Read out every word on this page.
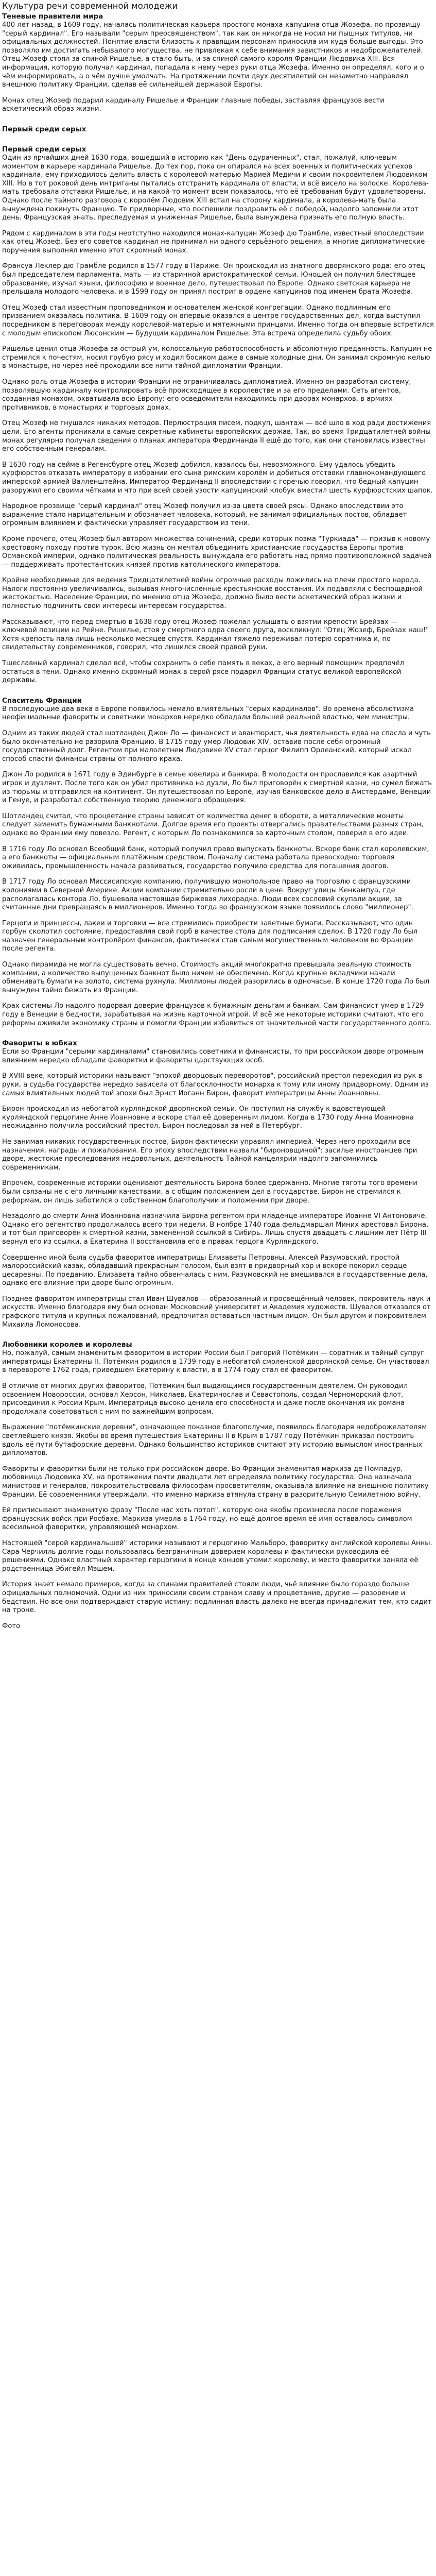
Культура речи современной молодежи
Теневые правители мира

400 лет назад, в 1609 году, началась политическая карьера простого монаха-капуцина отца Жозефа, по прозвищу "серый кардинал". Его называли "серым преосвященством", так как он никогда не носил ни пышных титулов, ни официальных должностей. Понятие власти близость к правящим персонам приносила им куда больше выгоды. Это позволяло им достигать небывалого могущества, не привлекая к себе внимания завистников и недоброжелателей. Отец Жозеф стоял за спиной Ришелье, а стало быть, и за спиной самого короля Франции Людовика XIII. Вся информация, которую получал кардинал, попадала к нему через руки отца Жозефа. Именно он определял, кого и о чём информировать, а о чём лучше умолчать. На протяжении почти двух десятилетий он незаметно направлял внешнюю политику Франции, сделав её сильнейшей державой Европы.

Монах отец Жозеф подарил кардиналу Ришелье и Франции главные победы, заставляя французов вести аскетический образ жизни.

Первый среди серых
Первый среди серых

Один из ярчайших дней 1630 года, вошедший в историю как "День одураченных", стал, пожалуй, ключевым моментом в карьере кардинала Ришелье. До тех пор, пока он опирался на всех военных и политических успехов кардинала, ему приходилось делить власть с королевой-матерью Марией Медичи и своим покровителем Людовиком XIII. Но в тот роковой день интриганы пытались отстранить кардинала от власти, и всё висело на волоске. Королева-мать требовала отставки Ришелье, и на какой-то момент всем показалось, что её требования будут удовлетворены. Однако после тайного разговора с королём Людовик XIII встал на сторону кардинала, а королева-мать была вынуждена покинуть Францию. Те придворные, что поспешили поздравить её с победой, надолго запомнили этот день. Французская знать, преследуемая и униженная Ришелье, была вынуждена признать его полную власть.

Рядом с кардиналом в эти годы неотступно находился монах-капуцин Жозеф дю Трамбле, известный впоследствии как отец Жозеф. Без его советов кардинал не принимал ни одного серьёзного решения, а многие дипломатические поручения выполнял именно этот скромный монах.

Франсуа Леклер дю Трамбле родился в 1577 году в Париже. Он происходил из знатного дворянского рода: его отец был председателем парламента, мать — из старинной аристократической семьи. Юношей он получил блестящее образование, изучал языки, философию и военное дело, путешествовал по Европе. Однако светская карьера не прельщала молодого человека, и в 1599 году он принял постриг в ордене капуцинов под именем брата Жозефа.

Отец Жозеф стал известным проповедником и основателем женской конгрегации. Однако подлинным его призванием оказалась политика. В 1609 году он впервые оказался в центре государственных дел, когда выступил посредником в переговорах между королевой-матерью и мятежными принцами. Именно тогда он впервые встретился с молодым епископом Люсонским — будущим кардиналом Ришелье. Эта встреча определила судьбу обоих.

Ришелье ценил отца Жозефа за острый ум, колоссальную работоспособность и абсолютную преданность. Капуцин не стремился к почестям, носил грубую рясу и ходил босиком даже в самые холодные дни. Он занимал скромную келью в монастыре, но через неё проходили все нити тайной дипломатии Франции.

Однако роль отца Жозефа в истории Франции не ограничивалась дипломатией. Именно он разработал систему, позволявшую кардиналу контролировать всё происходящее в королевстве и за его пределами. Сеть агентов, созданная монахом, охватывала всю Европу: его осведомители находились при дворах монархов, в армиях противников, в монастырях и торговых домах.

Отец Жозеф не гнушался никаких методов. Перлюстрация писем, подкуп, шантаж — всё шло в ход ради достижения цели. Его агенты проникали в самые секретные кабинеты европейских держав. Так, во время Тридцатилетней войны монах регулярно получал сведения о планах императора Фердинанда II ещё до того, как они становились известны его собственным генералам.

В 1630 году на сейме в Регенсбурге отец Жозеф добился, казалось бы, невозможного. Ему удалось убедить курфюрстов отказать императору в избрании его сына римским королём и добиться отставки главнокомандующего имперской армией Валленштейна. Император Фердинанд II впоследствии с горечью говорил, что бедный капуцин разоружил его своими чётками и что при всей своей узости капуцинский клобук вместил шесть курфюрстских шапок.

Народное прозвище "серый кардинал" отец Жозеф получил из-за цвета своей рясы. Однако впоследствии это выражение стало нарицательным и обозначает человека, который, не занимая официальных постов, обладает огромным влиянием и фактически управляет государством из тени.

Кроме прочего, отец Жозеф был автором множества сочинений, среди которых поэма "Туркиада" — призыв к новому крестовому походу против турок. Всю жизнь он мечтал объединить христианские государства Европы против Османской империи, однако политическая реальность вынуждала его работать над прямо противоположной задачей — поддерживать протестантских князей против католического императора.

Крайне необходимые для ведения Тридцатилетней войны огромные расходы ложились на плечи простого народа. Налоги постоянно увеличивались, вызывая многочисленные крестьянские восстания. Их подавляли с беспощадной жестокостью. Население Франции, по мнению отца Жозефа, должно было вести аскетический образ жизни и полностью подчинить свои интересы интересам государства.

Рассказывают, что перед смертью в 1638 году отец Жозеф пожелал услышать о взятии крепости Брейзах — ключевой позиции на Рейне. Ришелье, стоя у смертного одра своего друга, воскликнул: "Отец Жозеф, Брейзах наш!" Хотя крепость пала лишь несколько месяцев спустя. Кардинал тяжело переживал потерю соратника и, по свидетельству современников, говорил, что лишился своей правой руки.

Тщеславный кардинал сделал всё, чтобы сохранить о себе память в веках, а его верный помощник предпочёл остаться в тени. Однако именно скромный монах в серой рясе подарил Франции статус великой европейской державы.

Спаситель Франции

В последующие два века в Европе появилось немало влиятельных "серых кардиналов". Во времена абсолютизма неофициальные фавориты и советники монархов нередко обладали большей реальной властью, чем министры.

Одним из таких людей стал шотландец Джон Ло — финансист и авантюрист, чья деятельность едва не спасла и чуть было окончательно не разорила Францию. В 1715 году умер Людовик XIV, оставив после себя огромный государственный долг. Регентом при малолетнем Людовике XV стал герцог Филипп Орлеанский, который искал способ спасти финансы страны от полного краха.

Джон Ло родился в 1671 году в Эдинбурге в семье ювелира и банкира. В молодости он прославился как азартный игрок и дуэлянт. После того как он убил противника на дуэли, Ло был приговорён к смертной казни, но сумел бежать из тюрьмы и отправился на континент. Он путешествовал по Европе, изучая банковское дело в Амстердаме, Венеции и Генуе, и разработал собственную теорию денежного обращения.

Шотландец считал, что процветание страны зависит от количества денег в обороте, а металлические монеты следует заменить бумажными банкнотами. Долгое время его проекты отвергались правительствами разных стран, однако во Франции ему повезло. Регент, с которым Ло познакомился за карточным столом, поверил в его идеи.

В 1716 году Ло основал Всеобщий банк, который получил право выпускать банкноты. Вскоре банк стал королевским, а его банкноты — официальным платёжным средством. Поначалу система работала превосходно: торговля оживилась, промышленность начала развиваться, государство получило средства для погашения долгов.

В 1717 году Ло основал Миссисипскую компанию, получившую монопольное право на торговлю с французскими колониями в Северной Америке. Акции компании стремительно росли в цене. Вокруг улицы Кенкампуа, где располагалась контора Ло, бушевала настоящая биржевая лихорадка. Люди всех сословий скупали акции, за считанные дни превращаясь в миллионеров. Именно тогда во французском языке появилось слово "миллионер".

Герцоги и принцессы, лакеи и торговки — все стремились приобрести заветные бумаги. Рассказывают, что один горбун сколотил состояние, предоставляя свой горб в качестве стола для подписания сделок. В 1720 году Ло был назначен генеральным контролёром финансов, фактически став самым могущественным человеком во Франции после регента.

Однако пирамида не могла существовать вечно. Стоимость акций многократно превышала реальную стоимость компании, а количество выпущенных банкнот было ничем не обеспечено. Когда крупные вкладчики начали обменивать бумаги на золото, система рухнула. Миллионы людей разорились в одночасье. В конце 1720 года Ло был вынужден тайно бежать из Франции.

Крах системы Ло надолго подорвал доверие французов к бумажным деньгам и банкам. Сам финансист умер в 1729 году в Венеции в бедности, зарабатывая на жизнь карточной игрой. И всё же некоторые историки считают, что его реформы оживили экономику страны и помогли Франции избавиться от значительной части государственного долга.

Фавориты в юбках

Если во Франции "серыми кардиналами" становились советники и финансисты, то при российском дворе огромным влиянием нередко обладали фаворитки и фавориты царствующих особ.

В XVIII веке, который историки называют "эпохой дворцовых переворотов", российский престол переходил из рук в руки, а судьба государства нередко зависела от благосклонности монарха к тому или иному придворному. Одним из самых влиятельных людей той эпохи был Эрнст Иоганн Бирон, фаворит императрицы Анны Иоанновны.

Бирон происходил из небогатой курляндской дворянской семьи. Он поступил на службу к вдовствующей курляндской герцогине Анне Иоанновне и вскоре стал её доверенным лицом. Когда в 1730 году Анна Иоанновна неожиданно получила российский престол, Бирон последовал за ней в Петербург.

Не занимая никаких государственных постов, Бирон фактически управлял империей. Через него проходили все назначения, награды и пожалования. Его эпоху впоследствии назвали "бироновщиной": засилье иностранцев при дворе, жестокие преследования недовольных, деятельность Тайной канцелярии надолго запомнились современникам.

Впрочем, современные историки оценивают деятельность Бирона более сдержанно. Многие тяготы того времени были связаны не с его личными качествами, а с общим положением дел в государстве. Бирон не стремился к реформам, он лишь заботился о собственном благополучии и положении при дворе.

Незадолго до смерти Анна Иоанновна назначила Бирона регентом при младенце-императоре Иоанне VI Антоновиче. Однако его регентство продолжалось всего три недели. В ноябре 1740 года фельдмаршал Миних арестовал Бирона, и тот был приговорён к смертной казни, заменённой ссылкой в Сибирь. Лишь спустя двадцать с лишним лет Пётр III вернул его из ссылки, а Екатерина II восстановила его в правах герцога Курляндского.

Совершенно иной была судьба фаворитов императрицы Елизаветы Петровны. Алексей Разумовский, простой малороссийский казак, обладавший прекрасным голосом, был взят в придворный хор и вскоре покорил сердце цесаревны. По преданию, Елизавета тайно обвенчалась с ним. Разумовский не вмешивался в государственные дела, однако его влияние при дворе было огромным.

Позднее фаворитом императрицы стал Иван Шувалов — образованный и просвещённый человек, покровитель наук и искусств. Именно благодаря ему был основан Московский университет и Академия художеств. Шувалов отказался от графского титула и крупных пожалований, предпочитая оставаться частным лицом. Он был другом и покровителем Михаила Ломоносова.

Любовники королев и королевы

Но, пожалуй, самым знаменитым фаворитом в истории России был Григорий Потёмкин — соратник и тайный супруг императрицы Екатерины II. Потёмкин родился в 1739 году в небогатой смоленской дворянской семье. Он участвовал в перевороте 1762 года, приведшем Екатерину к власти, а в 1774 году стал её фаворитом.

В отличие от многих других фаворитов, Потёмкин был выдающимся государственным деятелем. Он руководил освоением Новороссии, основал Херсон, Николаев, Екатеринослав и Севастополь, создал Черноморский флот, присоединил к России Крым. Императрица высоко ценила его способности и даже после окончания их романа продолжала советоваться с ним по важнейшим вопросам.

Выражение "потёмкинские деревни", означающее показное благополучие, появилось благодаря недоброжелателям светлейшего князя. Якобы во время путешествия Екатерины II в Крым в 1787 году Потёмкин приказал построить вдоль её пути бутафорские деревни. Однако большинство историков считают эту историю вымыслом иностранных дипломатов.

Фавориты и фаворитки были не только при российском дворе. Во Франции знаменитая маркиза де Помпадур, любовница Людовика XV, на протяжении почти двадцати лет определяла политику государства. Она назначала министров и генералов, покровительствовала философам-просветителям, оказывала влияние на внешнюю политику Франции. Её современники утверждали, что именно маркиза втянула страну в разорительную Семилетнюю войну.

Ей приписывают знаменитую фразу "После нас хоть потоп", которую она якобы произнесла после поражения французских войск при Росбахе. Маркиза умерла в 1764 году, но ещё долгое время её имя оставалось символом всесильной фаворитки, управляющей монархом.

Настоящей "серой кардинальшей" историки называют и герцогиню Мальборо, фаворитку английской королевы Анны. Сара Черчилль долгие годы пользовалась безграничным доверием королевы и фактически руководила её решениями. Однако властный характер герцогини в конце концов утомил королеву, и место фаворитки заняла её родственница Эбигейл Мэшем.

История знает немало примеров, когда за спинами правителей стояли люди, чьё влияние было гораздо больше официальных полномочий. Одни из них приносили своим странам славу и процветание, другие — разорение и бедствия. Но все они подтверждают старую истину: подлинная власть далеко не всегда принадлежит тем, кто сидит на троне.

Фото
